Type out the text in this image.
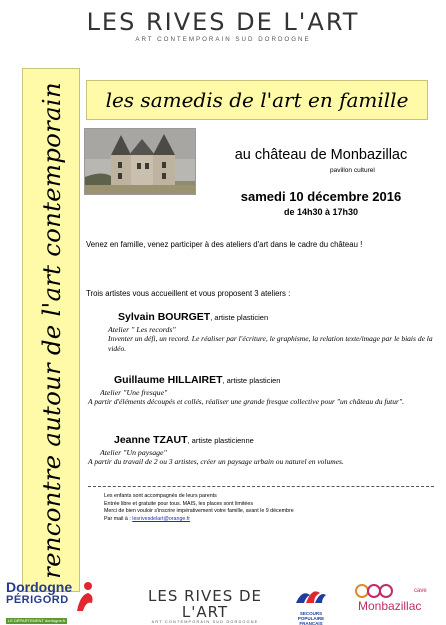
LES RIVES DE L'ART
ART CONTEMPORAIN SUD DORDOGNE
rencontre autour de l'art contemporain les samedis de l'art en famille
au château de Monbazillac
pavillon culturel
samedi 10 décembre 2016
de 14h30 à 17h30
Venez en famille, venez participer à des ateliers d'art dans le cadre du château !
Trois artistes vous accueillent et vous proposent 3 ateliers :
Sylvain BOURGET, artiste plasticien
Atelier " Les records"
Inventer un défi, un record. Le réaliser par l'écriture, le graphisme, la relation texte/image par le biais de la vidéo.
Guillaume HILLAIRET, artiste plasticien
Atelier "Une fresque"
A partir d'éléments découpés et collés, réaliser une grande fresque collective pour "un château du futur".
Jeanne TZAUT, artiste plasticienne
Atelier "Un paysage"
A partir du travail de 2 ou 3 artistes, créer un paysage urbain ou naturel en volumes.
Les enfants sont accompagnés de leurs parents
Entrée libre et gratuite pour tous. MAIS, les places sont limitées
Merci de bien vouloir s'inscrire impérativement votre famille, avant le 9 décembre
Par mail à : lesrivesdelart@orange.fr
Dordogne
PÉRIGORD
LE DÉPARTEMENT dordogne.fr
LES RIVES DE L'ART
ART CONTEMPORAIN SUD DORDOGNE
SECOURS
POPULAIRE
FRANÇAIS
cave
Monbazillac
